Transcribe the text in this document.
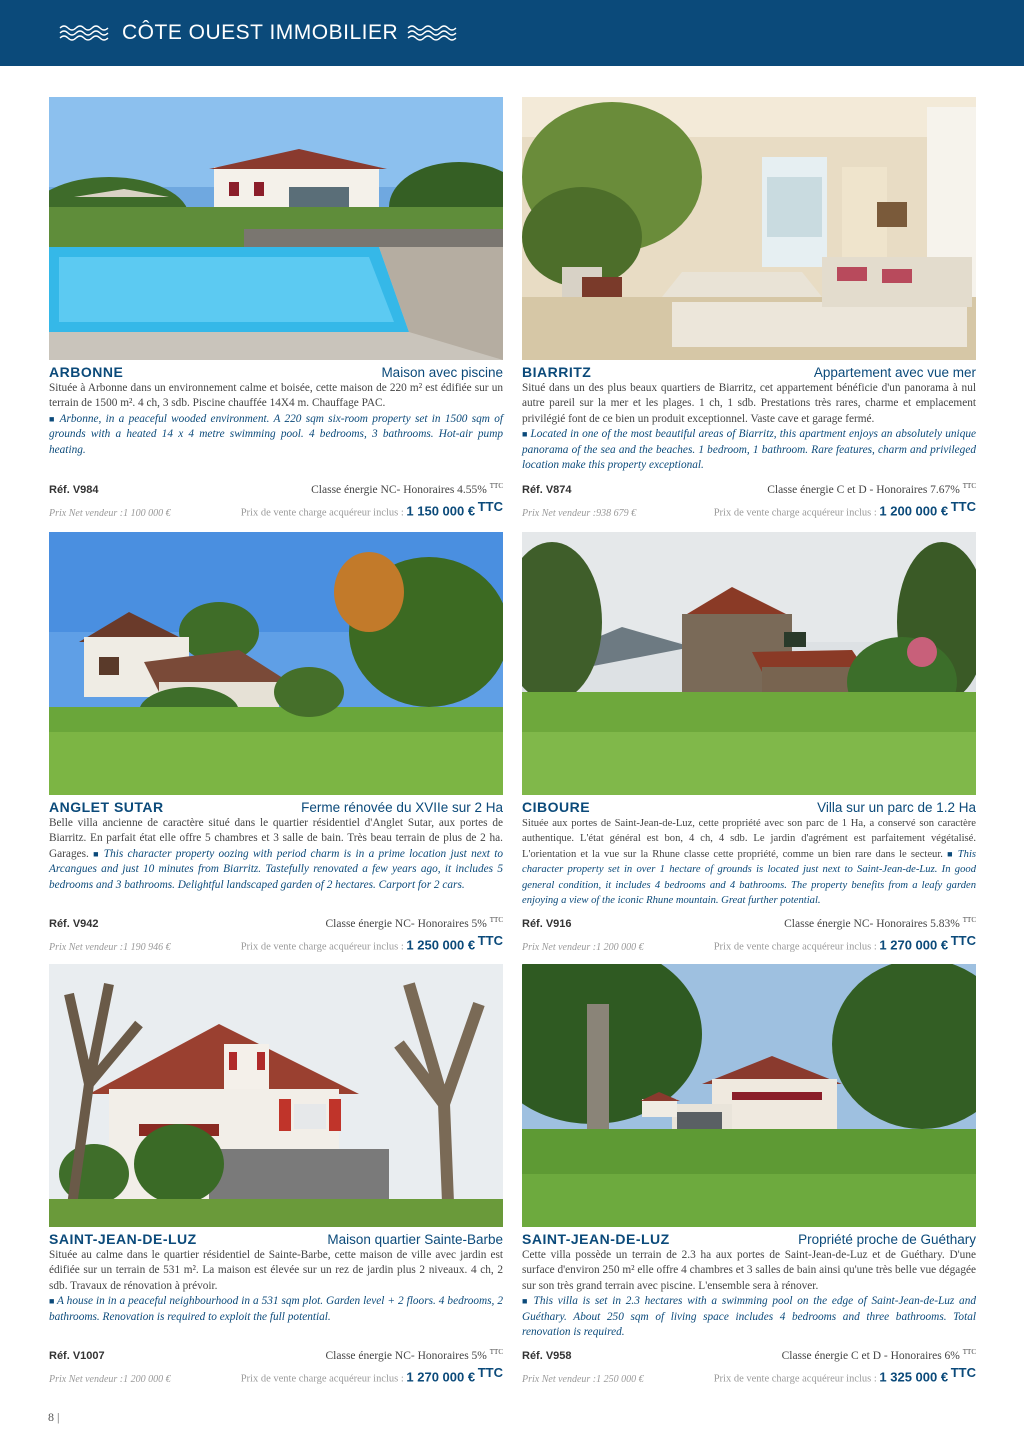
CÔTE OUEST IMMOBILIER
ARBONNE	Maison avec piscine
Située à Arbonne dans un environnement calme et boisée, cette maison de 220 m² est édifiée sur un terrain de 1500 m². 4 ch, 3 sdb. Piscine chauffée 14X4 m. Chauffage PAC.
■ Arbonne, in a peaceful wooded environment. A 220 sqm six-room property set in 1500 sqm of grounds with a heated 14 x 4 metre swimming pool. 4 bedrooms, 3 bathrooms. Hot-air pump heating.
Réf. V984	Classe énergie NC- Honoraires 4.55% $^{TTC}$
Prix Net vendeur :1 100 000 €	Prix de vente charge acquéreur inclus : 1 150 000 € $^{TTC}$
BIARRITZ	Appartement avec vue mer
Situé dans un des plus beaux quartiers de Biarritz, cet appartement bénéficie d'un panorama à nul autre pareil sur la mer et les plages. 1 ch, 1 sdb. Prestations très rares, charme et emplacement privilégié font de ce bien un produit exceptionnel. Vaste cave et garage fermé.
■ Located in one of the most beautiful areas of Biarritz, this apartment enjoys an absolutely unique panorama of the sea and the beaches. 1 bedroom, 1 bathroom. Rare features, charm and privileged location make this property exceptional.
Réf. V874	Classe énergie C et D - Honoraires 7.67% $^{TTC}$
Prix Net vendeur :938 679 €	Prix de vente charge acquéreur inclus : 1 200 000 € $^{TTC}$
ANGLET SUTAR	Ferme rénovée du XVIIe sur 2 Ha
Belle villa ancienne de caractère situé dans le quartier résidentiel d'Anglet Sutar, aux portes de Biarritz. En parfait état elle offre 5 chambres et 3 salle de bain. Très beau terrain de plus de 2 ha. Garages. ■ This character property oozing with period charm is in a prime location just next to Arcangues and just 10 minutes from Biarritz. Tastefully renovated a few years ago, it includes 5 bedrooms and 3 bathrooms. Delightful landscaped garden of 2 hectares. Carport for 2 cars.
Réf. V942	Classe énergie NC- Honoraires 5% $^{TTC}$
Prix Net vendeur :1 190 946 €	Prix de vente charge acquéreur inclus : 1 250 000 € $^{TTC}$
CIBOURE	Villa sur un parc de 1.2 Ha
Située aux portes de Saint-Jean-de-Luz, cette propriété avec son parc de 1 Ha, a conservé son caractère authentique. L'état général est bon, 4 ch, 4 sdb. Le jardin d'agrément est parfaitement végétalisé. L'orientation et la vue sur la Rhune classe cette propriété, comme un bien rare dans le secteur. ■ This character property set in over 1 hectare of grounds is located just next to Saint-Jean-de-Luz. In good general condition, it includes 4 bedrooms and 4 bathrooms. The property benefits from a leafy garden enjoying a view of the iconic Rhune mountain. Great further potential.
Réf. V916	Classe énergie NC- Honoraires 5.83% $^{TTC}$
Prix Net vendeur :1 200 000 €	Prix de vente charge acquéreur inclus : 1 270 000 € $^{TTC}$
SAINT-JEAN-DE-LUZ	Maison quartier Sainte-Barbe
Située au calme dans le quartier résidentiel de Sainte-Barbe, cette maison de ville avec jardin est édifiée sur un terrain de 531 m². La maison est élevée sur un rez de jardin plus 2 niveaux. 4 ch, 2 sdb. Travaux de rénovation à prévoir.
■ A house in in a peaceful neighbourhood in a 531 sqm plot. Garden level + 2 floors. 4 bedrooms, 2 bathrooms. Renovation is required to exploit the full potential.
Réf. V1007	Classe énergie NC- Honoraires 5% $^{TTC}$
Prix Net vendeur :1 200 000 €	Prix de vente charge acquéreur inclus : 1 270 000 € $^{TTC}$
SAINT-JEAN-DE-LUZ	Propriété proche de Guéthary
Cette villa possède un terrain de 2.3 ha aux portes de Saint-Jean-de-Luz et de Guéthary. D'une surface d'environ 250 m² elle offre 4 chambres et 3 salles de bain ainsi qu'une très belle vue dégagée sur son très grand terrain avec piscine. L'ensemble sera à rénover.
■ This villa is set in 2.3 hectares with a swimming pool on the edge of Saint-Jean-de-Luz and Guéthary. About 250 sqm of living space includes 4 bedrooms and three bathrooms. Total renovation is required.
Réf. V958	Classe énergie C et D - Honoraires 6% $^{TTC}$
Prix Net vendeur :1 250 000 €	Prix de vente charge acquéreur inclus : 1 325 000 € $^{TTC}$
8 |
